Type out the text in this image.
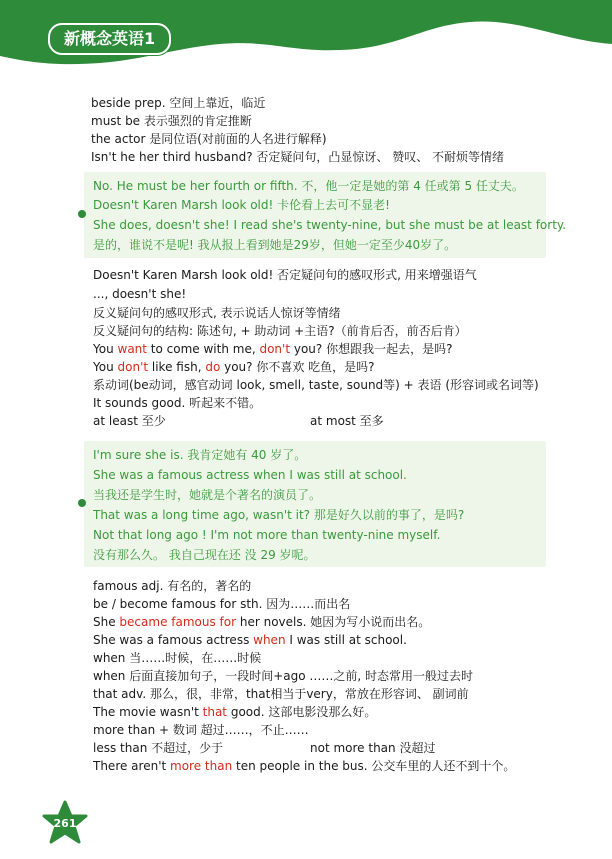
新概念英语1
beside prep. 空间上靠近，临近
must be 表示强烈的肯定推断
the actor 是同位语(对前面的人名进行解释)
Isn't he her third husband? 否定疑问句，凸显惊讶、 赞叹、 不耐烦等情绪
No. He must be her fourth or fifth. 不，他一定是她的第 4 任或第 5 任丈夫。
Doesn't Karen Marsh look old! 卡伦看上去可不显老!
She does, doesn't she! I read she's twenty-nine, but she must be at least forty.
是的，谁说不是呢! 我从报上看到她是29岁，但她一定至少40岁了。
Doesn't Karen Marsh look old! 否定疑问句的感叹形式, 用来增强语气
..., doesn't she!
反义疑问句的感叹形式, 表示说话人惊讶等情绪
反义疑问句的结构: 陈述句, + 助动词 +主语?（前肯后否，前否后肯）
You want to come with me, don't you? 你想跟我一起去，是吗?
You don't like fish, do you? 你不喜欢 吃鱼，是吗?
系动词(be动词，感官动词 look, smell, taste, sound等) + 表语 (形容词或名词等)
It sounds good. 听起来不错。
at least 至少	at most 至多
I'm sure she is. 我肯定她有 40 岁了。
She was a famous actress when I was still at school.
当我还是学生时，她就是个著名的演员了。
That was a long time ago, wasn't it? 那是好久以前的事了，是吗?
Not that long ago ! I'm not more than twenty-nine myself.
没有那么久。 我自己现在还 没 29 岁呢。
famous adj. 有名的，著名的
be / become famous for sth. 因为……而出名
She became famous for her novels. 她因为写小说而出名。
She was a famous actress when I was still at school.
when 当……时候，在……时候
when 后面直接加句子，一段时间+ago ……之前, 时态常用一般过去时
that adv. 那么，很，非常，that相当于very，常放在形容词、 副词前
The movie wasn't that good. 这部电影没那么好。
more than + 数词 超过……，不止……
less than 不超过，少于	not more than 没超过
There aren't more than ten people in the bus. 公交车里的人还不到十个。
261
